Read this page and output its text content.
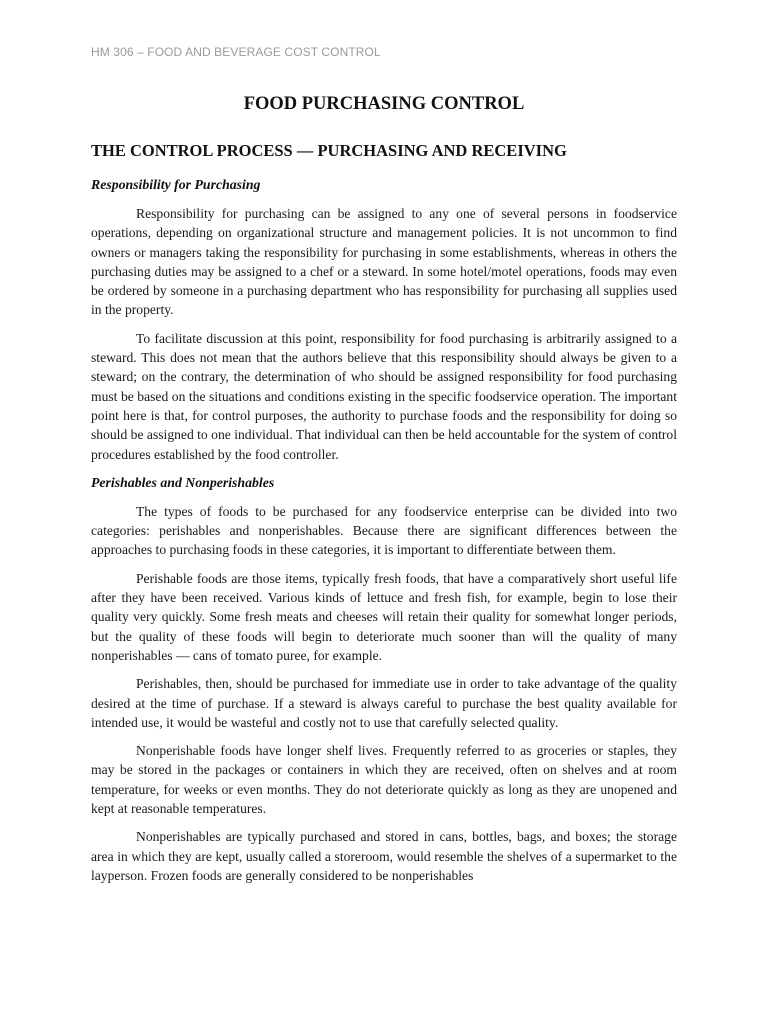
HM 306 – FOOD AND BEVERAGE COST CONTROL
FOOD PURCHASING CONTROL
THE CONTROL PROCESS — PURCHASING AND RECEIVING
Responsibility for Purchasing

Responsibility for purchasing can be assigned to any one of several persons in foodservice operations, depending on organizational structure and management policies. It is not uncommon to find owners or managers taking the responsibility for purchasing in some establishments, whereas in others the purchasing duties may be assigned to a chef or a steward. In some hotel/motel operations, foods may even be ordered by someone in a purchasing department who has responsibility for purchasing all supplies used in the property.

To facilitate discussion at this point, responsibility for food purchasing is arbitrarily assigned to a steward. This does not mean that the authors believe that this responsibility should always be given to a steward; on the contrary, the determination of who should be assigned responsibility for food purchasing must be based on the situations and conditions existing in the specific foodservice operation. The important point here is that, for control purposes, the authority to purchase foods and the responsibility for doing so should be assigned to one individual. That individual can then be held accountable for the system of control procedures established by the food controller.

Perishables and Nonperishables

The types of foods to be purchased for any foodservice enterprise can be divided into two categories: perishables and nonperishables. Because there are significant differences between the approaches to purchasing foods in these categories, it is important to differentiate between them.

Perishable foods are those items, typically fresh foods, that have a comparatively short useful life after they have been received. Various kinds of lettuce and fresh fish, for example, begin to lose their quality very quickly. Some fresh meats and cheeses will retain their quality for somewhat longer periods, but the quality of these foods will begin to deteriorate much sooner than will the quality of many nonperishables — cans of tomato puree, for example.

Perishables, then, should be purchased for immediate use in order to take advantage of the quality desired at the time of purchase. If a steward is always careful to purchase the best quality available for intended use, it would be wasteful and costly not to use that carefully selected quality.

Nonperishable foods have longer shelf lives. Frequently referred to as groceries or staples, they may be stored in the packages or containers in which they are received, often on shelves and at room temperature, for weeks or even months. They do not deteriorate quickly as long as they are unopened and kept at reasonable temperatures.

Nonperishables are typically purchased and stored in cans, bottles, bags, and boxes; the storage area in which they are kept, usually called a storeroom, would resemble the shelves of a supermarket to the layperson. Frozen foods are generally considered to be nonperishables
